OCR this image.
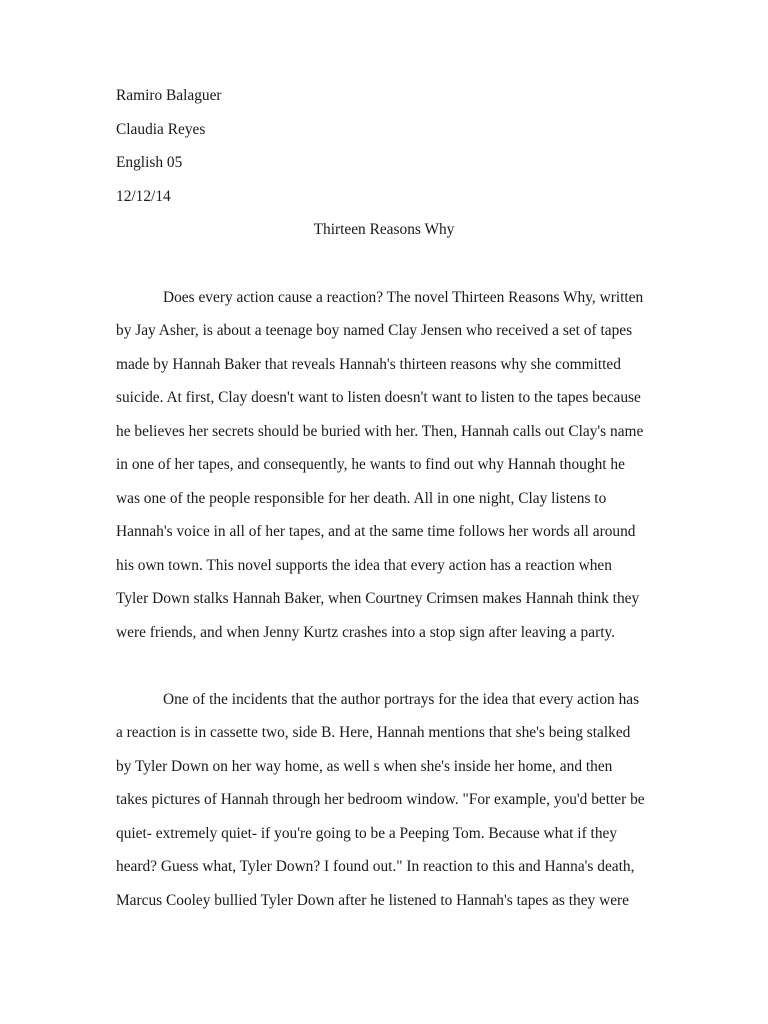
Ramiro Balaguer

Claudia Reyes

English 05

12/12/14

Thirteen Reasons Why

Does every action cause a reaction? The novel Thirteen Reasons Why, written

by Jay Asher, is about a teenage boy named Clay Jensen who received a set of tapes

made by Hannah Baker that reveals Hannah's thirteen reasons why she committed

suicide. At first, Clay doesn't want to listen doesn't want to listen to the tapes because

he believes her secrets should be buried with her. Then, Hannah calls out Clay's name

in one of her tapes, and consequently, he wants to find out why Hannah thought he

was one of the people responsible for her death. All in one night, Clay listens to

Hannah's voice in all of her tapes, and at the same time follows her words all around

his own town. This novel supports the idea that every action has a reaction when

Tyler Down stalks Hannah Baker, when Courtney Crimsen makes Hannah think they

were friends, and when Jenny Kurtz crashes into a stop sign after leaving a party.

One of the incidents that the author portrays for the idea that every action has

a reaction is in cassette two, side B. Here, Hannah mentions that she's being stalked

by Tyler Down on her way home, as well s when she's inside her home, and then

takes pictures of Hannah through her bedroom window. "For example, you'd better be

quiet- extremely quiet- if you're going to be a Peeping Tom. Because what if they

heard? Guess what, Tyler Down? I found out." In reaction to this and Hanna's death,

Marcus Cooley bullied Tyler Down after he listened to Hannah's tapes as they were
